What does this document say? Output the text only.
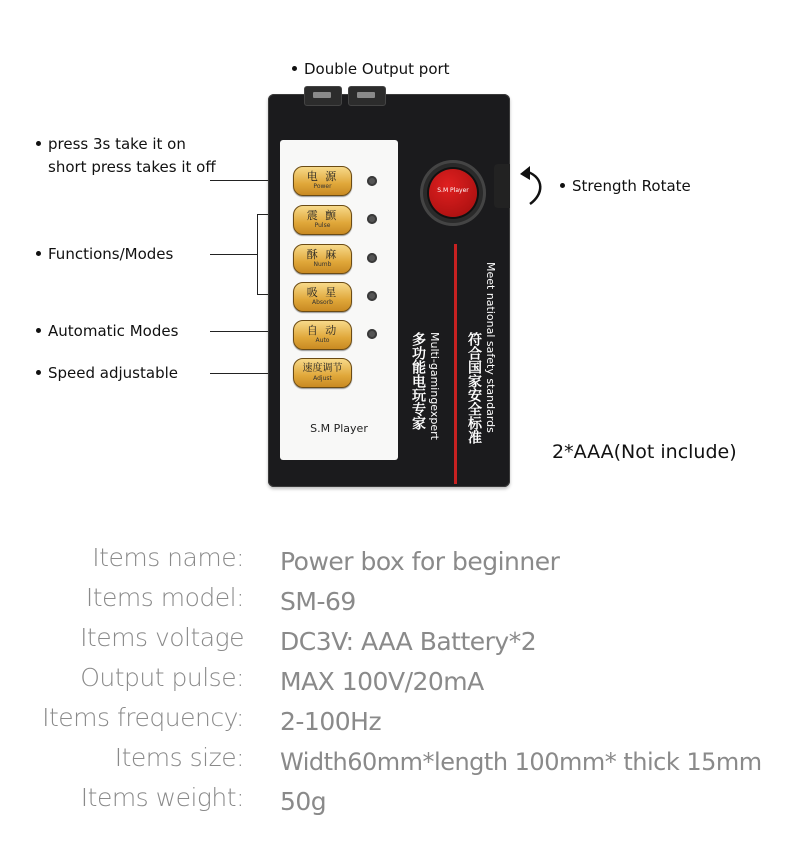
Double Output port
press 3s take it on
short press takes it off
Functions/Modes
Automatic Modes
Speed adjustable
Strength Rotate
电 源
Power
震 颤
Pulse
酥 麻
Numb
吸 星
Absorb
自 动
Auto
速度调节
Adjust
S.M Player
S.M Player
多功能电玩专家 Multi-gamingexpert 符合国家安全标准 Meet national safety standards
2*AAA(Not include)
Items name: Power box for beginner
Items model: SM-69
Items voltage DC3V: AAA Battery*2
Output pulse: MAX 100V/20mA
Items frequency: 2-100Hz
Items size: Width60mm*length 100mm* thick 15mm
Items weight: 50g
